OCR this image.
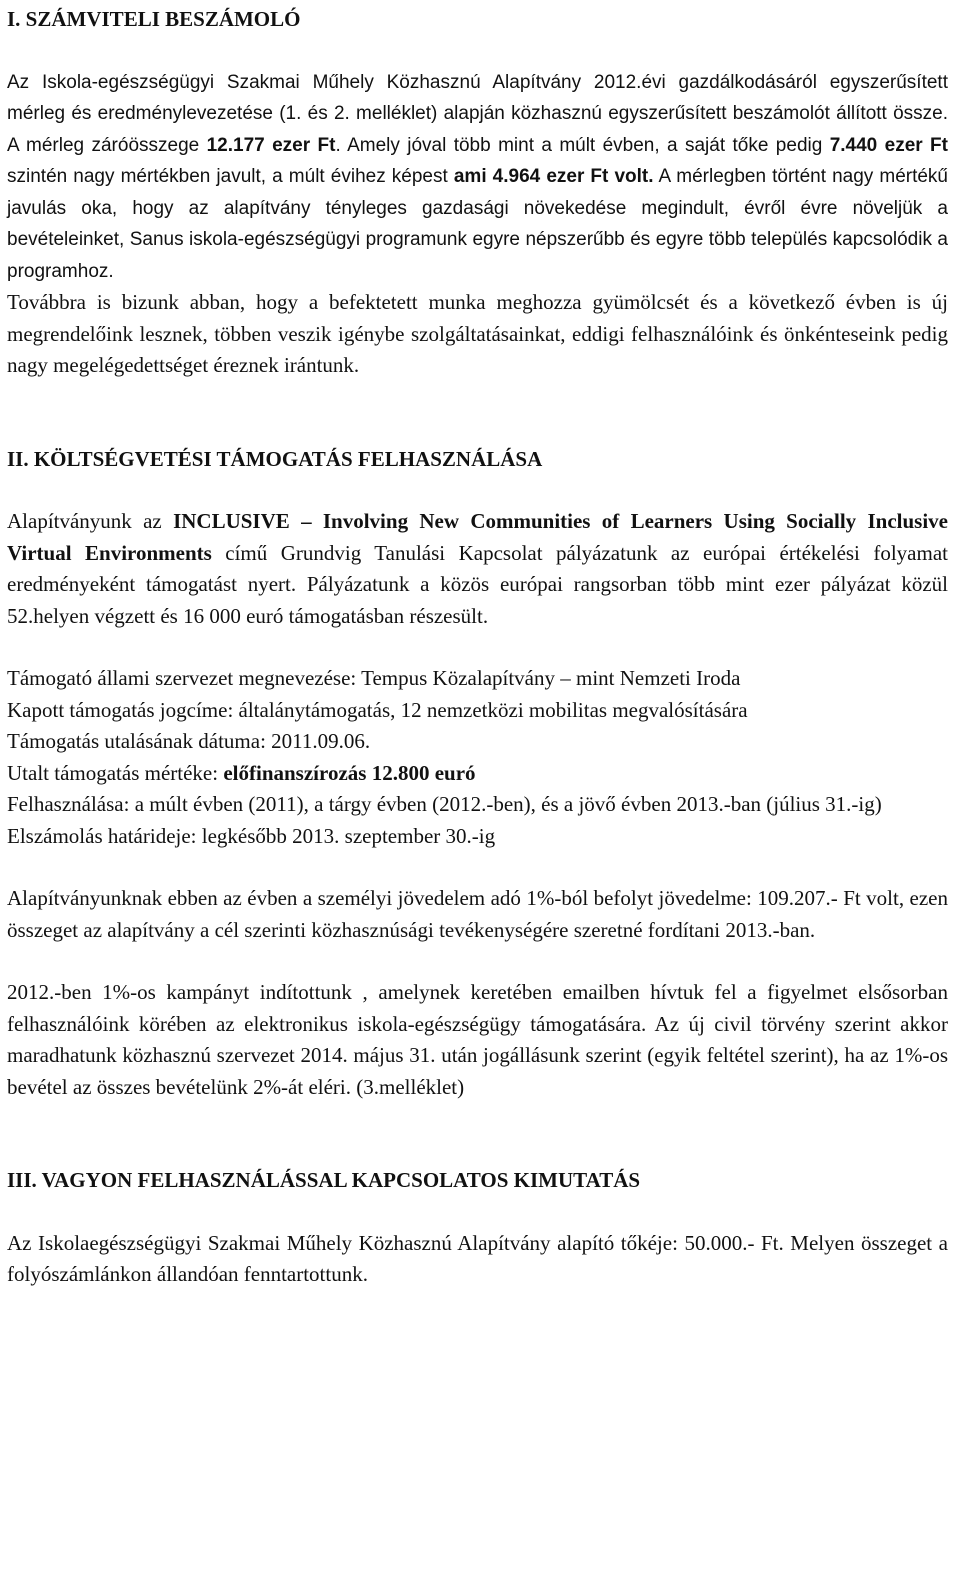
I. SZÁMVITELI BESZÁMOLÓ

Az Iskola-egészségügyi Szakmai Műhely Közhasznú Alapítvány 2012.évi gazdálkodásáról egyszerűsített mérleg és eredménylevezetése (1. és 2. melléklet) alapján közhasznú egyszerűsített beszámolót állított össze. A mérleg záróösszege 12.177 ezer Ft. Amely jóval több mint a múlt évben, a saját tőke pedig 7.440 ezer Ft szintén nagy mértékben javult, a múlt évihez képest ami 4.964 ezer Ft volt. A mérlegben történt nagy mértékű javulás oka, hogy az alapítvány tényleges gazdasági növekedése megindult, évről évre növeljük a bevételeinket, Sanus iskola-egészségügyi programunk egyre népszerűbb és egyre több település kapcsolódik a programhoz.

Továbbra is bizunk abban, hogy a befektetett munka meghozza gyümölcsét és a következő évben is új megrendelőink lesznek, többen veszik igénybe szolgáltatásainkat, eddigi felhasználóink és önkénteseink pedig nagy megelégedettséget éreznek irántunk.

II. KÖLTSÉGVETÉSI TÁMOGATÁS FELHASZNÁLÁSA

Alapítványunk az INCLUSIVE – Involving New Communities of Learners Using Socially Inclusive Virtual Environments című Grundvig Tanulási Kapcsolat pályázatunk az európai értékelési folyamat eredményeként támogatást nyert. Pályázatunk a közös európai rangsorban több mint ezer pályázat közül 52.helyen végzett és 16 000 euró támogatásban részesült.

Támogató állami szervezet megnevezése: Tempus Közalapítvány – mint Nemzeti Iroda

Kapott támogatás jogcíme: általánytámogatás, 12 nemzetközi mobilitas megvalósítására

Támogatás utalásának dátuma: 2011.09.06.

Utalt támogatás mértéke: előfinanszírozás 12.800 euró

Felhasználása: a múlt évben (2011), a tárgy évben (2012.-ben), és a jövő évben 2013.-ban (július 31.-ig)

Elszámolás határideje: legkésőbb 2013. szeptember 30.-ig

Alapítványunknak ebben az évben a személyi jövedelem adó 1%-ból befolyt jövedelme: 109.207.- Ft volt, ezen összeget az alapítvány a cél szerinti közhasznúsági tevékenységére szeretné fordítani 2013.-ban.

2012.-ben 1%-os kampányt indítottunk , amelynek keretében emailben hívtuk fel a figyelmet elsősorban felhasználóink körében az elektronikus iskola-egészségügy támogatására. Az új civil törvény szerint akkor maradhatunk közhasznú szervezet 2014. május 31. után jogállásunk szerint (egyik feltétel szerint), ha az 1%-os bevétel az összes bevételünk 2%-át eléri. (3.melléklet)

III. VAGYON FELHASZNÁLÁSSAL KAPCSOLATOS KIMUTATÁS

Az Iskolaegészségügyi Szakmai Műhely Közhasznú Alapítvány alapító tőkéje: 50.000.- Ft. Melyen összeget a folyószámlánkon állandóan fenntartottunk.
